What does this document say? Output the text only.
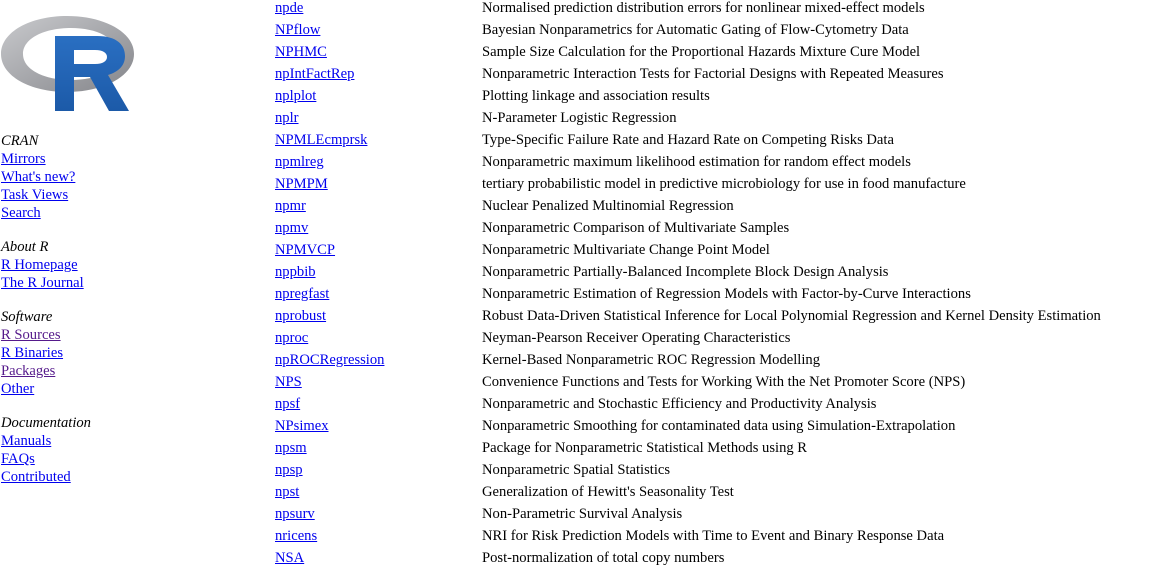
CRAN
Mirrors
What's new?
Task Views
Search
About R
R Homepage
The R Journal
Software
R Sources
R Binaries
Packages
Other
Documentation
Manuals
FAQs
Contributed
npde	Normalised prediction distribution errors for nonlinear mixed-effect models
NPflow	Bayesian Nonparametrics for Automatic Gating of Flow-Cytometry Data
NPHMC	Sample Size Calculation for the Proportional Hazards Mixture Cure Model
npIntFactRep	Nonparametric Interaction Tests for Factorial Designs with Repeated Measures
nplplot	Plotting linkage and association results
nplr	N-Parameter Logistic Regression
NPMLEcmprsk	Type-Specific Failure Rate and Hazard Rate on Competing Risks Data
npmlreg	Nonparametric maximum likelihood estimation for random effect models
NPMPM	tertiary probabilistic model in predictive microbiology for use in food manufacture
npmr	Nuclear Penalized Multinomial Regression
npmv	Nonparametric Comparison of Multivariate Samples
NPMVCP	Nonparametric Multivariate Change Point Model
nppbib	Nonparametric Partially-Balanced Incomplete Block Design Analysis
npregfast	Nonparametric Estimation of Regression Models with Factor-by-Curve Interactions
nprobust	Robust Data-Driven Statistical Inference for Local Polynomial Regression and Kernel Density Estimation
nproc	Neyman-Pearson Receiver Operating Characteristics
npROCRegression	Kernel-Based Nonparametric ROC Regression Modelling
NPS	Convenience Functions and Tests for Working With the Net Promoter Score (NPS)
npsf	Nonparametric and Stochastic Efficiency and Productivity Analysis
NPsimex	Nonparametric Smoothing for contaminated data using Simulation-Extrapolation
npsm	Package for Nonparametric Statistical Methods using R
npsp	Nonparametric Spatial Statistics
npst	Generalization of Hewitt's Seasonality Test
npsurv	Non-Parametric Survival Analysis
nricens	NRI for Risk Prediction Models with Time to Event and Binary Response Data
NSA	Post-normalization of total copy numbers
